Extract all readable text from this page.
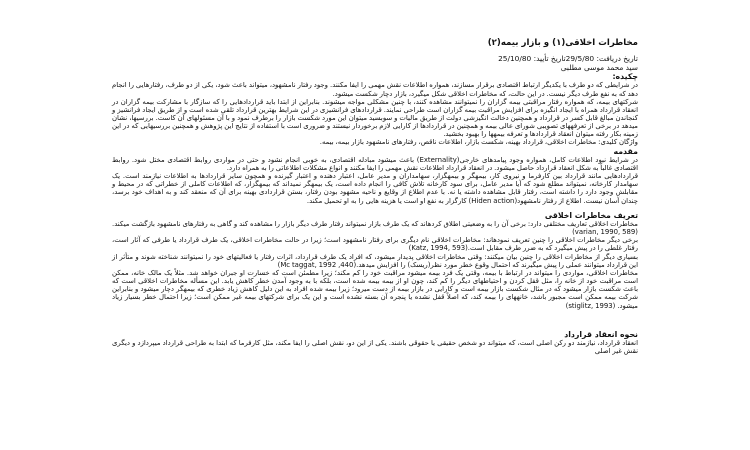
مخاطرات اخلاقی(١) و بازار بیمه(٢)
تاریخ دریافت: 29/5/80تاریخ تأیید: 25/10/80
سید محمد موسی مطلبی
چکیده:

در شرایطی که دو طرف با یکدیگر ارتباط اقتصادی برقرار مسازند، همواره اطلاعات نقش مهمی را ایفا مکنند. وجود رفتار نامشهود، میتواند باعث شود، یکی از دو طرف، رفتارهایی را انجام دهد که به نفع طرف دیگر نیست. در این حالت، که مخاطرات اخلاقی شکل میگیرد، بازار دچار شکست میشود.

شرکتهای بیمه، که همواره رفتار مراقبتی بیمه گزاران را نمیتوانند مشاهده کنند، با چنین مشکلی مواجه میشوند. بنابراین از ابتدا باید قراردادهایی را که سازگار با مشارکت بیمه گزاران در انعقاد قرارداد همراه با ایجاد انگیزه برای افزایش مراقبت بیمه گزاران است طراحی نمایند. قراردادهای فرانشیزی در این شرایط بهترین قرارداد تلقی شده است و از طریق ایجاد فرانشیز و کنجاندن مبالغ قابل کسر در قرارداد و همچنین دخالت انگیزشی دولت از طریق مالیات و سوبسید میتوان این مورد شکست بازار را برطرف نمود و با آن مسئولهای آن کاست. بررسیها، نشان میدهد در برخی از تعرفههای تصویبی شورای عالی بیمه و همچنین در قراردادها از کارایی لازم برخوردار نیستند و ضروری است با استفاده از نتایج این پژوهش و همچنین بررسیهایی که در این زمینه بکار رفته میتوان انعقاد قراردادها و تعرفه بیمهها را بهبود بخشید.

واژگان کلیدی: مخاطرات اخلاقی، قرارداد بهینه، شکست بازار، اطلاعات ناقص، رفتارهای نامشهود بازار بیمه، بیمه.

مقدمه

در شرایط نبود اطلاعات کامل، همواره وجود پیامدهای خارجی(Externality) باعث میشود مبادله اقتصادی، به خوبی انجام نشود و حتی در مواردی روابط اقتصادی مختل شود. روابط اقتصادی غالباً به شکل انعقاد قرارداد حاصل میشود. در انعقاد قرارداد اطلاعات نقش مهمی را ایفا مکنند و انواع مشکلات اطلاعاتی را به همراه دارد.

قراردادهایی مانند قرارداد بین کارفرما و نیروی کار، بیمهگر و بیمهگزار، سهامداران و مدیر عامل، اعتبار دهنده و اعتبار گیرنده و همچون سایر قراردادها به اطلاعات نیازمند است. یک سهامدار کارخانه، نمیتواند مطلع شود که آیا مدیر عامل، برای سود کارخانه تلاش کافی را انجام داده است، یک بیمهگر نمیداند که بیمهگزار، که اطلاعات کاملی از خطراتی که در محیط و مقابلش وجود دارد را داشته است، رفتار قابل مشاهده داشته یا نه. با عدم اطلاع از وقایع و ناحیه مشهود بودن رفتار، بستن قراردادی بهینه برای آن که منعقد کند و به اهداف خود برسد، چندان آسان نیست. اطلاع از رفتار نامشهود(Hiden action) کارگزار به نفع او است یا هزینه هایی را به او تحمیل مکند.

تعریف مخاطرات اخلاقی

مخاطرات اخلاقی تعاریف مختلفی دارد: برخی آن را به وضعیتی اطلاق کردهاند که یک طرف بازار نمیتواند رفتار طرف دیگر بازار را مشاهده کند و گاهی به رفتارهای نامشهود بازگشت میکند.(varian, 1990, 589)

برخی دیگر مخاطرات اخلاقی را چنین تعریف نمودهاند: مخاطرات اخلاقی نام دیگری برای رفتار نامشهود است؛ زیرا در حالت مخاطرات اخلاقی، یک طرف قرارداد یا طرفی که آثار است، رفتار غلطی را در پیش میگیرد که به ضرر طرف مقابل است.(Katz, 1994, 593)

بسیاری دیگر از مخاطرات اخلاقی را چنین بیان میکنند: وقتی مخاطرات اخلاقی پدیدار میشود، که افراد یک طرف قرارداد، اثرات رفتار یا فعالیتهای خود را نمیتوانند شناخته شوند و متأثر از این قرارداد میتوانند عملی را پیش میگیرند که احتمال وقوع خطر مورد نظر(ریسک) را افزایش میدهد.(Mc taggat, 1992 ,440)

مخاطرات اخلاقی، مواردی را میتواند در ارتباط با بیمه، وقتی یک فرد بیمه میشود مراقبت خود را کم مکند؛ زیرا مطمئن است که خسارت او جبران خواهد شد. مثلاً یک مالک خانه، ممکن است مراقبت خود از خانه را، مثل قفل کردن و احتیاطهای دیگر را کم کند، چون او از بیمه بیمه شده است، بلکه با به وجود آمدن خطر کاهش یابد. این مسأله مخاطرات اخلاقی است که باعث شکست بازار میشود که در مثال شکست بازار بیمه است و کارایی در بازار بیمه از دست میرود؛ زیرا بیمه شده افراد به این دلیل کاهش زیاد خطری که بیمهگر دچار میشود و بنابراین شرکت بیمه ممکن است مجبور باشد، خانههای را بیمه کند، که اصلاً قفل نشده یا پنجره آن بسته نشده است و این یک برای شرکتهای بیمه غیر ممکن است؛ زیرا احتمال خطر بسیار زیاد میشود. (stiglitz, 1993)

نحوه انعقاد قرارداد

انعقاد قرارداد، نیازمند دو رکن اصلی است، که میتواند دو شخص حقیقی یا حقوقی باشند. یکی از این دو، نقش اصلی را ایفا مکند، مثل کارفرما که ابتدا به طراحی قرارداد میپردازد و دیگری نقش غیر اصلی
